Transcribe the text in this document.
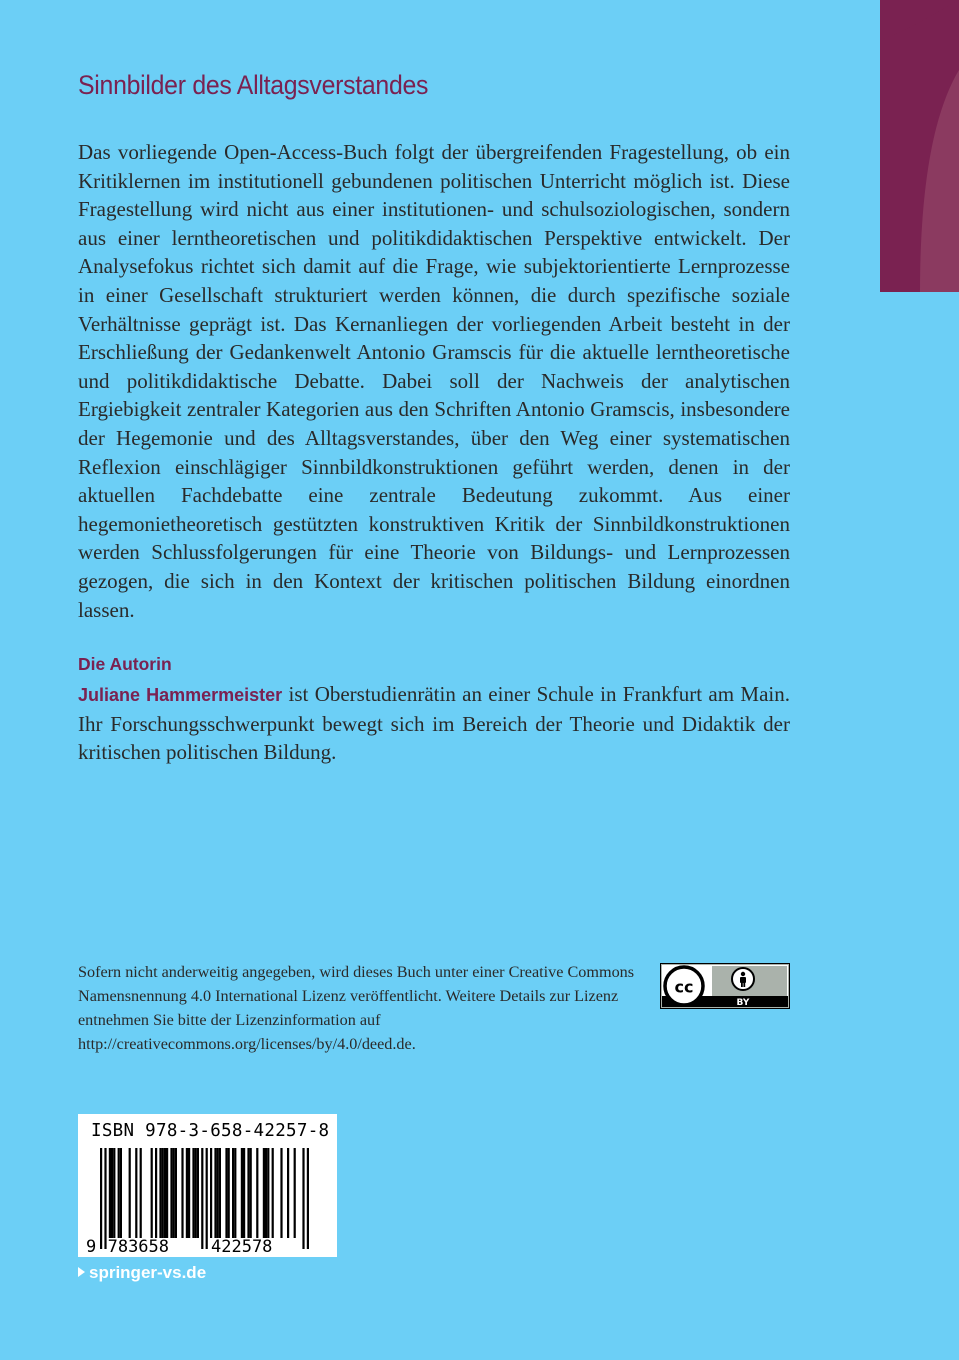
Sinnbilder des Alltagsverstandes

Das vorliegende Open-Access-Buch folgt der übergreifenden Fragestellung, ob ein Kritiklernen im institutionell gebundenen politischen Unterricht möglich ist. Diese Fragestellung wird nicht aus einer institutionen- und schulsoziologischen, sondern aus einer lerntheoretischen und politikdidaktischen Perspektive entwickelt. Der Analysefokus richtet sich damit auf die Frage, wie subjektorientierte Lernprozesse in einer Gesellschaft strukturiert werden können, die durch spezifische soziale Verhältnisse geprägt ist. Das Kernanliegen der vorliegenden Arbeit besteht in der Erschließung der Gedankenwelt Antonio Gramscis für die aktuelle lerntheoretische und politikdidaktische Debatte. Dabei soll der Nachweis der analytischen Ergiebigkeit zentraler Kategorien aus den Schriften Antonio Gramscis, insbesondere der Hegemonie und des Alltagsverstandes, über den Weg einer systematischen Reflexion einschlägiger Sinnbildkonstruktionen geführt werden, denen in der aktuellen Fachdebatte eine zentrale Bedeutung zukommt. Aus einer hegemonietheoretisch gestützten konstruktiven Kritik der Sinnbildkonstruktionen werden Schlussfolgerungen für eine Theorie von Bildungs- und Lernprozessen gezogen, die sich in den Kontext der kritischen politischen Bildung einordnen lassen.

Die Autorin

Juliane Hammermeister ist Oberstudienrätin an einer Schule in Frankfurt am Main. Ihr Forschungsschwerpunkt bewegt sich im Bereich der Theorie und Didaktik der kritischen politischen Bildung.

Sofern nicht anderweitig angegeben, wird dieses Buch unter einer Creative Commons Namensnennung 4.0 International Lizenz veröffentlicht. Weitere Details zur Lizenz entnehmen Sie bitte der Lizenzinformation auf http://creativecommons.org/licenses/by/4.0/deed.de.

cc
BY
9 783658 422578
ISBN 978-3-658-42257-8
springer-vs.de
